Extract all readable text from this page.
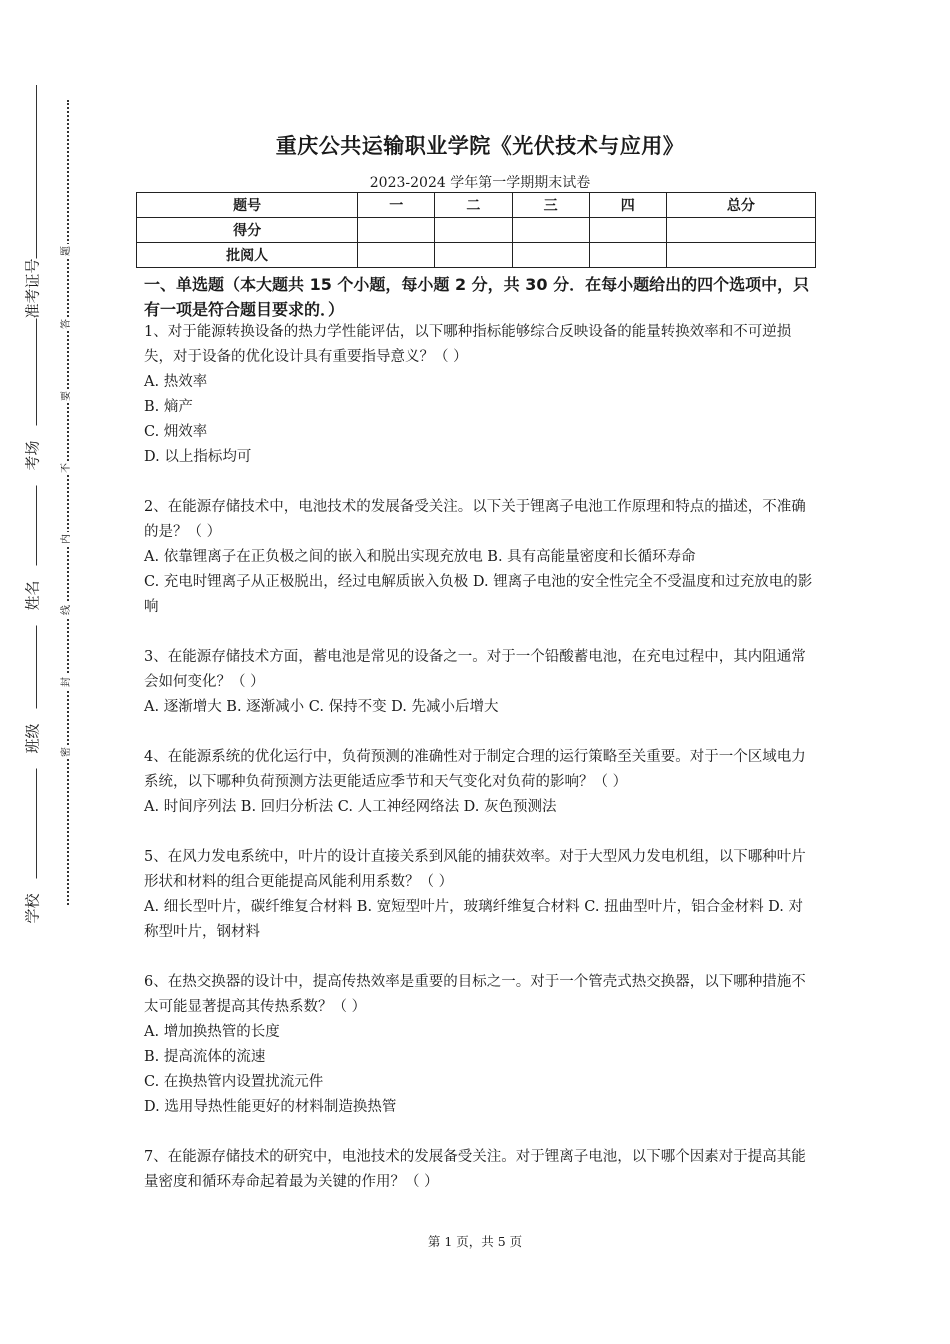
准考证号
考场
姓名
班级
学校
题
答
要
不
内
线
封
密
重庆公共运输职业学院《光伏技术与应用》
2023-2024 学年第一学期期末试卷
题号	一	二	三	四	总分
得分					
批阅人					
一、单选题（本大题共 15 个小题，每小题 2 分，共 30 分．在每小题给出的四个选项中，只有一项是符合题目要求的．）

1、对于能源转换设备的热力学性能评估，以下哪种指标能够综合反映设备的能量转换效率和不可逆损失，对于设备的优化设计具有重要指导意义？（ ）

A. 热效率

B. 熵产

C. 㶲效率

D. 以上指标均可

2、在能源存储技术中，电池技术的发展备受关注。以下关于锂离子电池工作原理和特点的描述，不准确的是？（ ）

A. 依靠锂离子在正负极之间的嵌入和脱出实现充放电 B. 具有高能量密度和长循环寿命

C. 充电时锂离子从正极脱出，经过电解质嵌入负极 D. 锂离子电池的安全性完全不受温度和过充放电的影响

3、在能源存储技术方面，蓄电池是常见的设备之一。对于一个铅酸蓄电池，在充电过程中，其内阻通常会如何变化？（ ）

A. 逐渐增大 B. 逐渐减小 C. 保持不变 D. 先减小后增大

4、在能源系统的优化运行中，负荷预测的准确性对于制定合理的运行策略至关重要。对于一个区域电力系统，以下哪种负荷预测方法更能适应季节和天气变化对负荷的影响？（ ）

A. 时间序列法 B. 回归分析法 C. 人工神经网络法 D. 灰色预测法

5、在风力发电系统中，叶片的设计直接关系到风能的捕获效率。对于大型风力发电机组，以下哪种叶片形状和材料的组合更能提高风能利用系数？（ ）

A. 细长型叶片，碳纤维复合材料 B. 宽短型叶片，玻璃纤维复合材料 C. 扭曲型叶片，铝合金材料 D. 对称型叶片，钢材料

6、在热交换器的设计中，提高传热效率是重要的目标之一。对于一个管壳式热交换器，以下哪种措施不太可能显著提高其传热系数？（ ）

A. 增加换热管的长度

B. 提高流体的流速

C. 在换热管内设置扰流元件

D. 选用导热性能更好的材料制造换热管

7、在能源存储技术的研究中，电池技术的发展备受关注。对于锂离子电池，以下哪个因素对于提高其能量密度和循环寿命起着最为关键的作用？（ ）

第 1 页，共 5 页
